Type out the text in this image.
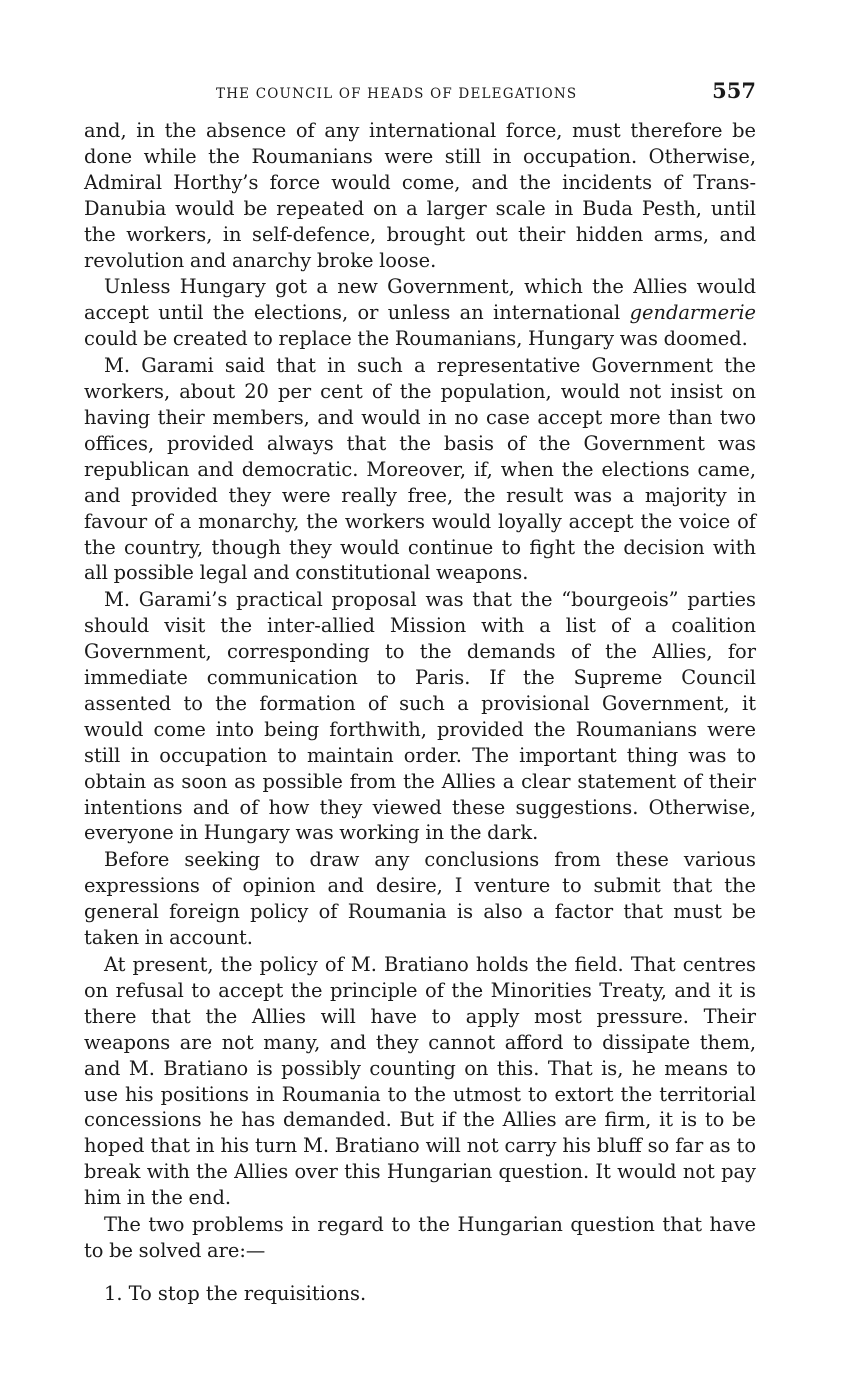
THE COUNCIL OF HEADS OF DELEGATIONS	557

and, in the absence of any international force, must therefore be done while the Roumanians were still in occupation. Otherwise, Admiral Horthy’s force would come, and the incidents of Trans-Danubia would be repeated on a larger scale in Buda Pesth, until the workers, in self-defence, brought out their hidden arms, and revolution and anarchy broke loose.

Unless Hungary got a new Government, which the Allies would accept until the elections, or unless an international gendarmerie could be created to replace the Roumanians, Hungary was doomed.

M. Garami said that in such a representative Government the workers, about 20 per cent of the population, would not insist on having their members, and would in no case accept more than two offices, provided always that the basis of the Government was republican and democratic. Moreover, if, when the elections came, and provided they were really free, the result was a majority in favour of a monarchy, the workers would loyally accept the voice of the country, though they would continue to fight the decision with all possible legal and constitutional weapons.

M. Garami’s practical proposal was that the “bourgeois” parties should visit the inter-allied Mission with a list of a coalition Government, corresponding to the demands of the Allies, for immediate communication to Paris. If the Supreme Council assented to the formation of such a provisional Government, it would come into being forthwith, provided the Roumanians were still in occupation to maintain order. The important thing was to obtain as soon as possible from the Allies a clear statement of their intentions and of how they viewed these suggestions. Otherwise, everyone in Hungary was working in the dark.

Before seeking to draw any conclusions from these various expressions of opinion and desire, I venture to submit that the general foreign policy of Roumania is also a factor that must be taken in account.

At present, the policy of M. Bratiano holds the field. That centres on refusal to accept the principle of the Minorities Treaty, and it is there that the Allies will have to apply most pressure. Their weapons are not many, and they cannot afford to dissipate them, and M. Bratiano is possibly counting on this. That is, he means to use his positions in Roumania to the utmost to extort the territorial concessions he has demanded. But if the Allies are firm, it is to be hoped that in his turn M. Bratiano will not carry his bluff so far as to break with the Allies over this Hungarian question. It would not pay him in the end.

The two problems in regard to the Hungarian question that have to be solved are:—

1. To stop the requisitions.
